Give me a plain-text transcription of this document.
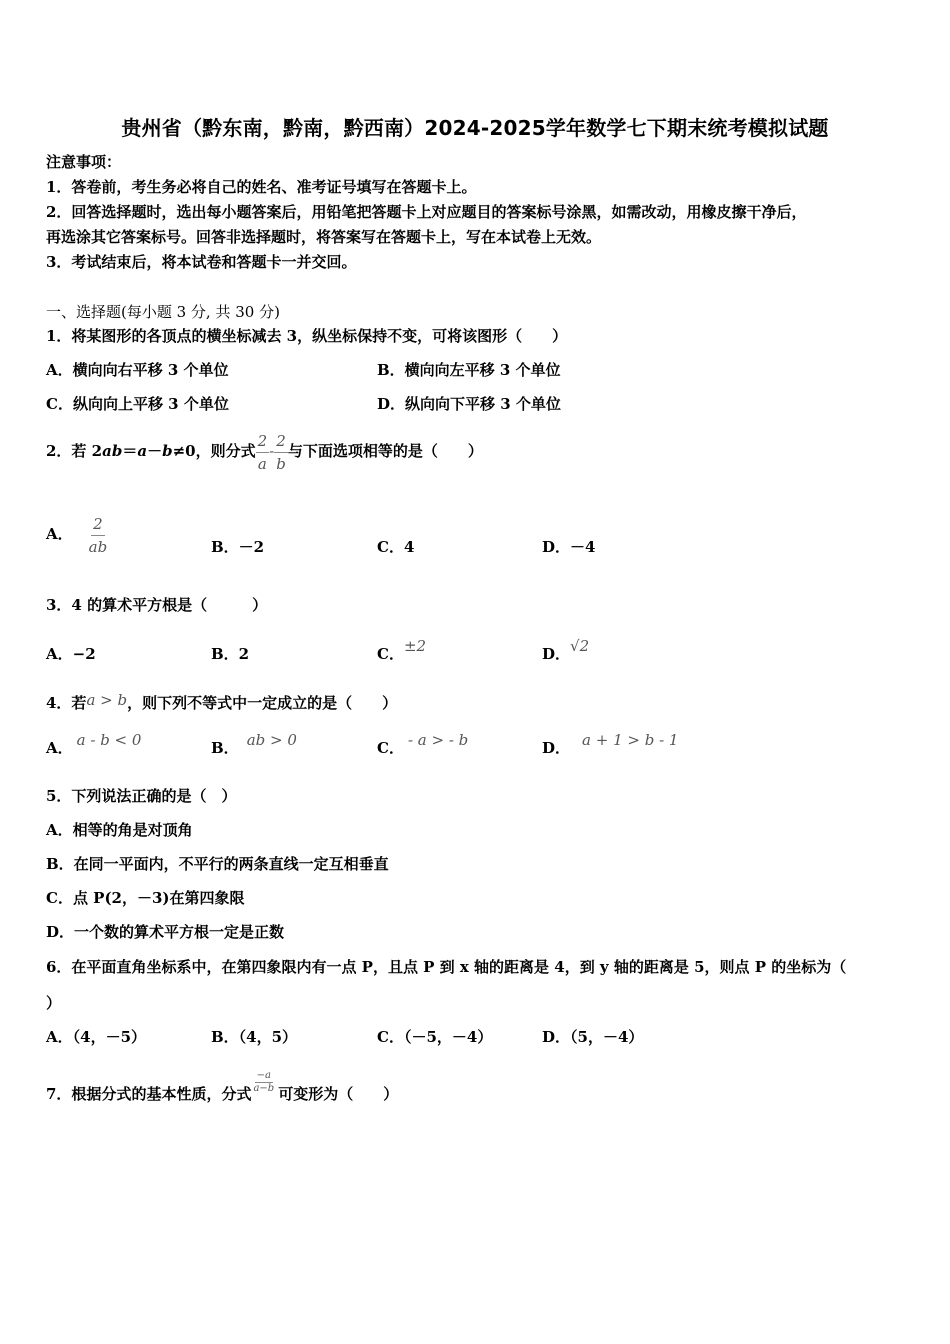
贵州省（黔东南，黔南，黔西南）2024-2025学年数学七下期末统考模拟试题
注意事项：
1．答卷前，考生务必将自己的姓名、准考证号填写在答题卡上。
2．回答选择题时，选出每小题答案后，用铅笔把答题卡上对应题目的答案标号涂黑，如需改动，用橡皮擦干净后，
再选涂其它答案标号。回答非选择题时，将答案写在答题卡上，写在本试卷上无效。
3．考试结束后，将本试卷和答题卡一并交回。
一、选择题(每小题 3 分, 共 30 分)
1．将某图形的各顶点的横坐标减去 3，纵坐标保持不变，可将该图形（　　）
A．横向向右平移 3 个单位	B．横向向左平移 3 个单位
C．纵向向上平移 3 个单位	D．纵向向下平移 3 个单位
2．若 2ab＝a－b≠0，则分式 $\frac{2}{a} - \frac{2}{b}$ 与下面选项相等的是（　　）
A． $\frac{2}{ab}$	B．－2	C．4	D．－4
3．4 的算术平方根是（　　　）
A．−2	B．2	C．±2	D．√2
4．若a > b，则下列不等式中一定成立的是（　　）
A． a - b < 0	B． ab > 0	C． - a > - b	D． a + 1 > b - 1
5．下列说法正确的是（　）
A．相等的角是对顶角
B．在同一平面内，不平行的两条直线一定互相垂直
C．点 P(2，－3)在第四象限
D．一个数的算术平方根一定是正数
6．在平面直角坐标系中，在第四象限内有一点 P，且点 P 到 x 轴的距离是 4，到 y 轴的距离是 5，则点 P 的坐标为（
）
A．（4，－5）	B．（4，5）	C．（－5，－4）	D．（5，－4）
7．根据分式的基本性质，分式 $\frac{-a}{a-b}$ 可变形为（　　）
